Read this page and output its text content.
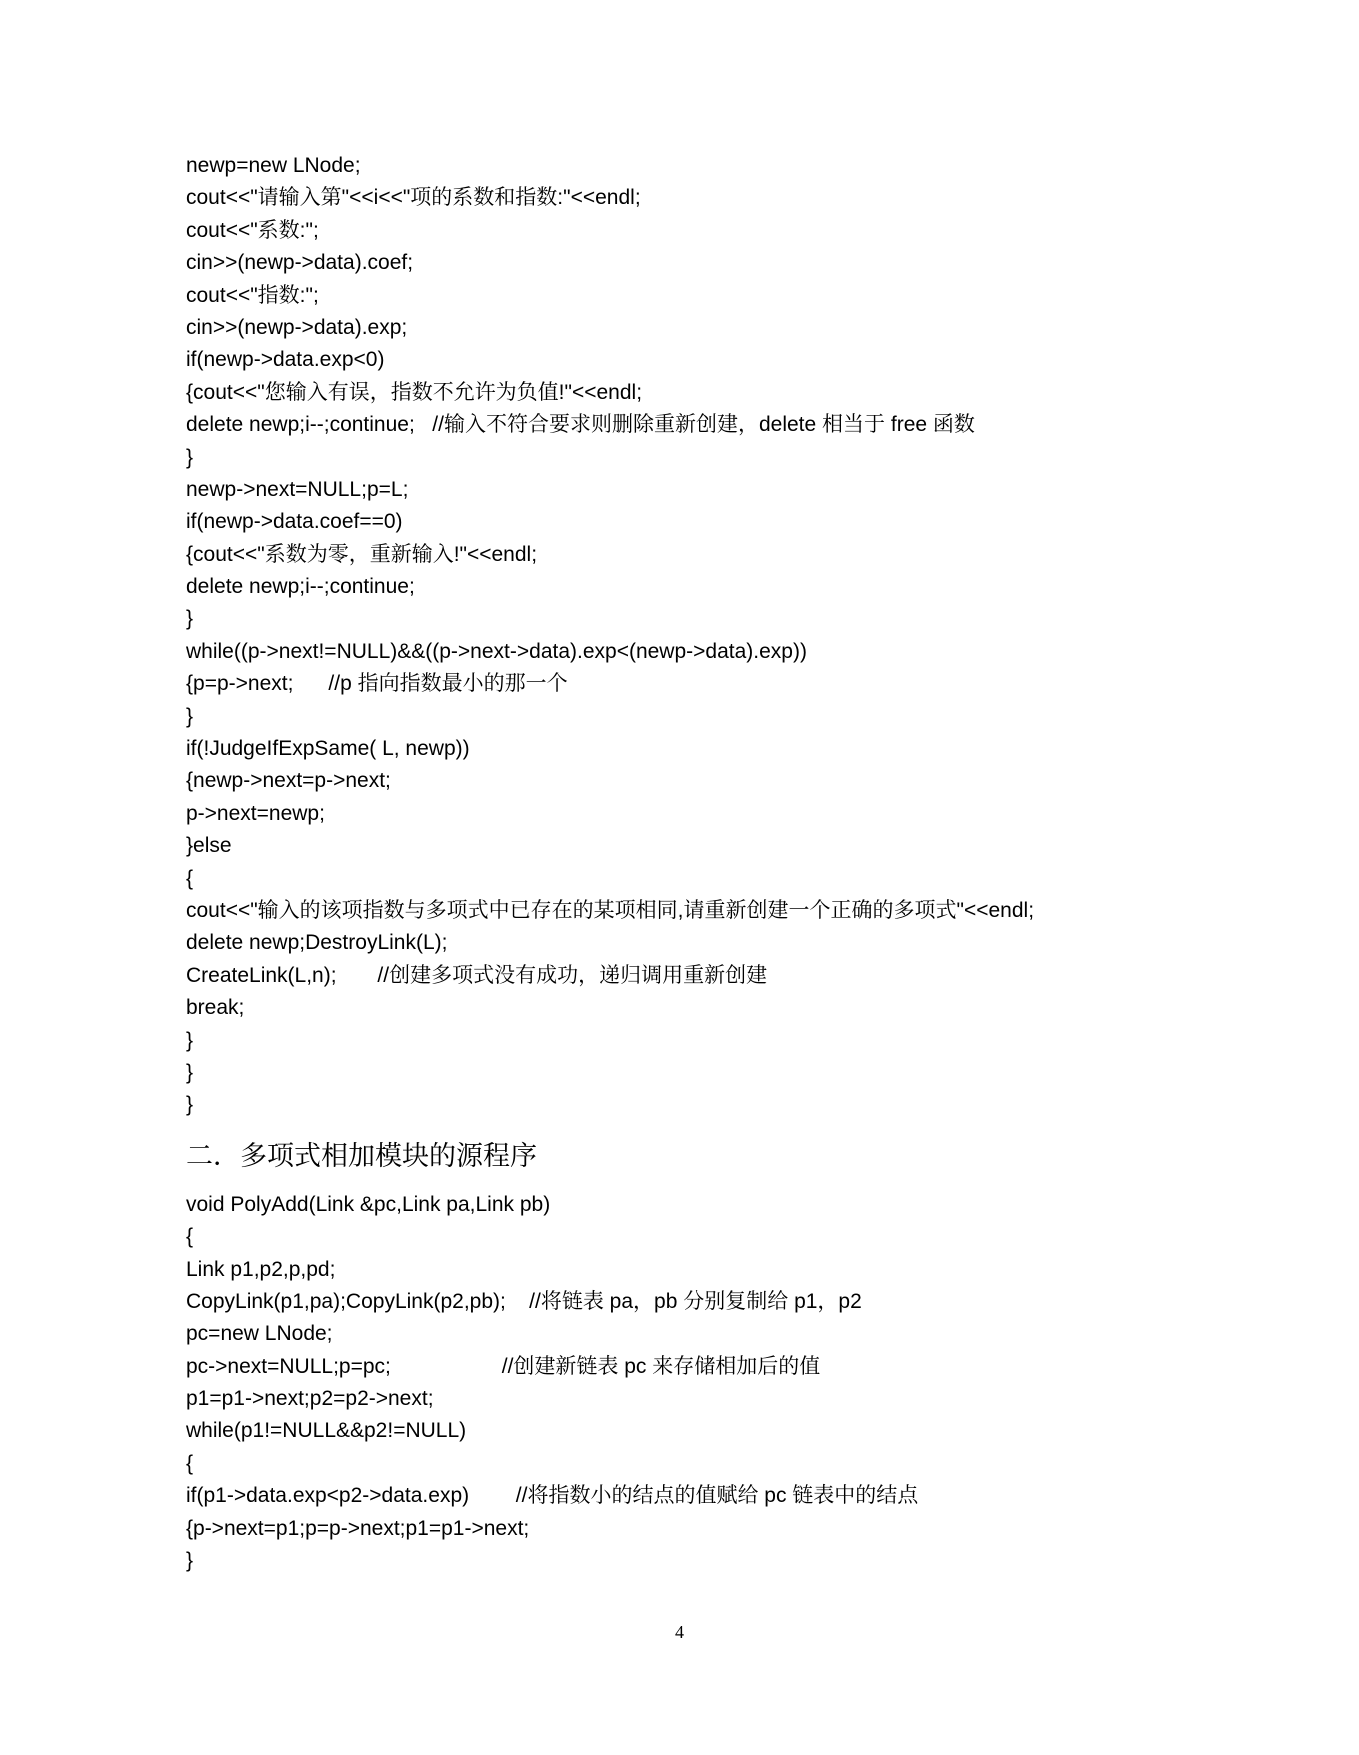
newp=new LNode;
cout<<"请输入第"<<i<<"项的系数和指数:"<<endl;
cout<<"系数:";
cin>>(newp->data).coef;
cout<<"指数:";
cin>>(newp->data).exp;
if(newp->data.exp<0)
{cout<<"您输入有误，指数不允许为负值!"<<endl;
delete newp;i--;continue;   //输入不符合要求则删除重新创建，delete 相当于 free 函数
}
newp->next=NULL;p=L;
if(newp->data.coef==0)
{cout<<"系数为零，重新输入!"<<endl;
delete newp;i--;continue;
}
while((p->next!=NULL)&&((p->next->data).exp<(newp->data).exp))
{p=p->next;      //p 指向指数最小的那一个
}
if(!JudgeIfExpSame( L, newp))
{newp->next=p->next;
p->next=newp;
}else
{
cout<<"输入的该项指数与多项式中已存在的某项相同,请重新创建一个正确的多项式"<<endl;
delete newp;DestroyLink(L);
CreateLink(L,n);       //创建多项式没有成功，递归调用重新创建
break;
}
}
}
二．多项式相加模块的源程序
void PolyAdd(Link &pc,Link pa,Link pb)
{
Link p1,p2,p,pd;
CopyLink(p1,pa);CopyLink(p2,pb);    //将链表 pa，pb 分别复制给 p1，p2
pc=new LNode;
pc->next=NULL;p=pc;                   //创建新链表 pc 来存储相加后的值
p1=p1->next;p2=p2->next;
while(p1!=NULL&&p2!=NULL)
{
if(p1->data.exp<p2->data.exp)        //将指数小的结点的值赋给 pc 链表中的结点
{p->next=p1;p=p->next;p1=p1->next;
}
4
